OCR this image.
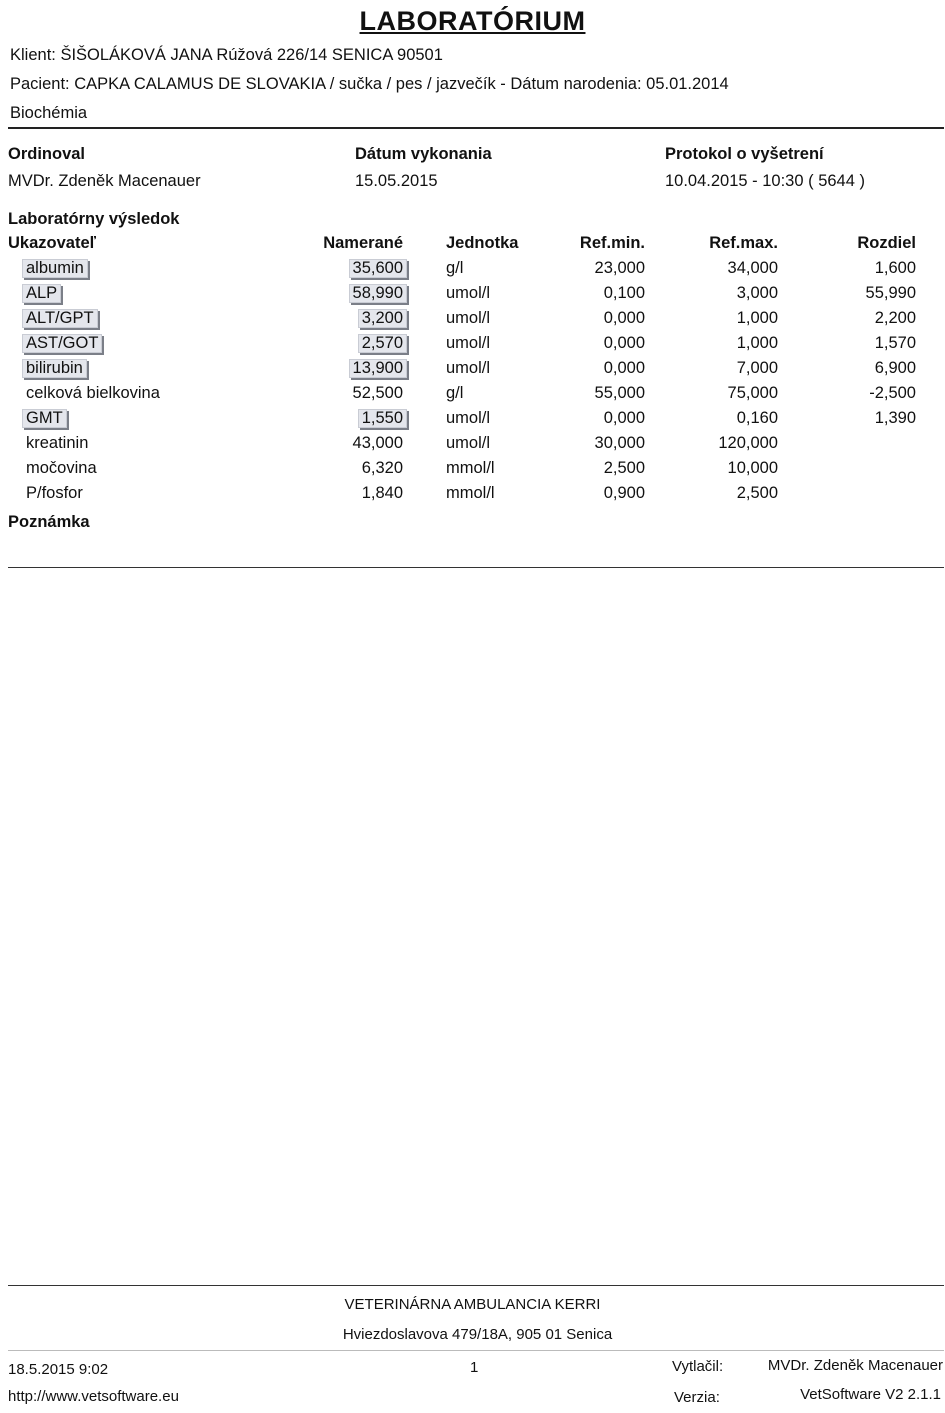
LABORATÓRIUM
Klient: ŠIŠOLÁKOVÁ JANA Rúžová 226/14 SENICA 90501
Pacient: CAPKA CALAMUS DE SLOVAKIA / sučka / pes / jazvečík - Dátum narodenia: 05.01.2014
Biochémia
Ordinoval
MVDr. Zdeněk Macenauer
Dátum vykonania
15.05.2015
Protokol o vyšetrení
10.04.2015 - 10:30 ( 5644 )
Laboratórny výsledok
Ukazovateľ	Namerané	Jednotka	Ref.min.	Ref.max.	Rozdiel
albumin	35,600	g/l	23,000	34,000	1,600
ALP	58,990	umol/l	0,100	3,000	55,990
ALT/GPT	3,200	umol/l	0,000	1,000	2,200
AST/GOT	2,570	umol/l	0,000	1,000	1,570
bilirubin	13,900	umol/l	0,000	7,000	6,900
celková bielkovina	52,500	g/l	55,000	75,000	-2,500
GMT	1,550	umol/l	0,000	0,160	1,390
kreatinin	43,000	umol/l	30,000	120,000
močovina	6,320	mmol/l	2,500	10,000
P/fosfor	1,840	mmol/l	0,900	2,500
Poznámka
VETERINÁRNA AMBULANCIA KERRI
Hviezdoslavova 479/18A, 905 01 Senica
18.5.2015 9:02	1	Vytlačil:	MVDr. Zdeněk Macenauer
http://www.vetsoftware.eu	Verzia:	VetSoftware V2 2.1.1
